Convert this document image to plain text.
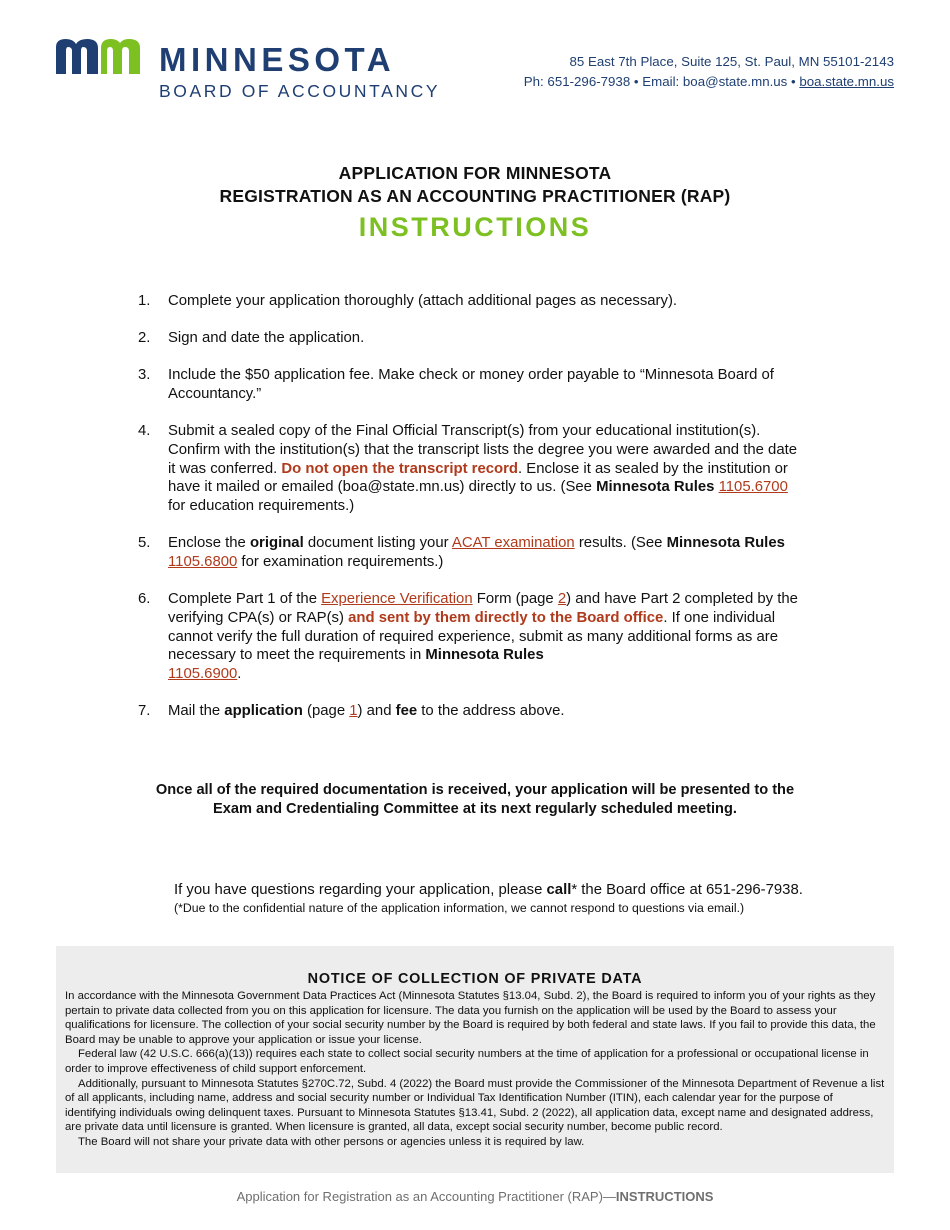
MINNESOTA
BOARD OF ACCOUNTANCY
85 East 7th Place, Suite 125, St. Paul, MN 55101-2143
Ph: 651-296-7938 • Email: boa@state.mn.us • boa.state.mn.us
APPLICATION FOR MINNESOTA
REGISTRATION AS AN ACCOUNTING PRACTITIONER (RAP)
INSTRUCTIONS
1.	Complete your application thoroughly (attach additional pages as necessary).
2.	Sign and date the application.
3.	Include the $50 application fee. Make check or money order payable to “Minnesota Board of Accountancy.”
4.	Submit a sealed copy of the Final Official Transcript(s) from your educational institution(s). Confirm with the institution(s) that the transcript lists the degree you were awarded and the date it was conferred. Do not open the transcript record. Enclose it as sealed by the institution or have it mailed or emailed (boa@state.mn.us) directly to us. (See Minnesota Rules 1105.6700 for education requirements.)
5.	Enclose the original document listing your ACAT examination results. (See Minnesota Rules 1105.6800 for examination requirements.)
6.	Complete Part 1 of the Experience Verification Form (page 2) and have Part 2 completed by the verifying CPA(s) or RAP(s) and sent by them directly to the Board office. If one individual cannot verify the full duration of required experience, submit as many additional forms as are necessary to meet the requirements in Minnesota Rules
1105.6900.
7.	Mail the application (page 1) and fee to the address above.
Once all of the required documentation is received, your application will be presented to the
Exam and Credentialing Committee at its next regularly scheduled meeting.
If you have questions regarding your application, please call* the Board office at 651-296-7938.
(*Due to the confidential nature of the application information, we cannot respond to questions via email.)
NOTICE OF COLLECTION OF PRIVATE DATA

In accordance with the Minnesota Government Data Practices Act (Minnesota Statutes §13.04, Subd. 2), the Board is required to inform you of your rights as they pertain to private data collected from you on this application for licensure. The data you furnish on the application will be used by the Board to assess your qualifications for licensure. The collection of your social security number by the Board is required by both federal and state laws. If you fail to provide this data, the Board may be unable to approve your application or issue your license.

Federal law (42 U.S.C. 666(a)(13)) requires each state to collect social security numbers at the time of application for a professional or occupational license in order to improve effectiveness of child support enforcement.

Additionally, pursuant to Minnesota Statutes §270C.72, Subd. 4 (2022) the Board must provide the Commissioner of the Minnesota Department of Revenue a list of all applicants, including name, address and social security number or Individual Tax Identification Number (ITIN), each calendar year for the purpose of identifying individuals owing delinquent taxes. Pursuant to Minnesota Statutes §13.41, Subd. 2 (2022), all application data, except name and designated address, are private data until licensure is granted. When licensure is granted, all data, except social security number, become public record.

The Board will not share your private data with other persons or agencies unless it is required by law.

Application for Registration as an Accounting Practitioner (RAP)—INSTRUCTIONS
